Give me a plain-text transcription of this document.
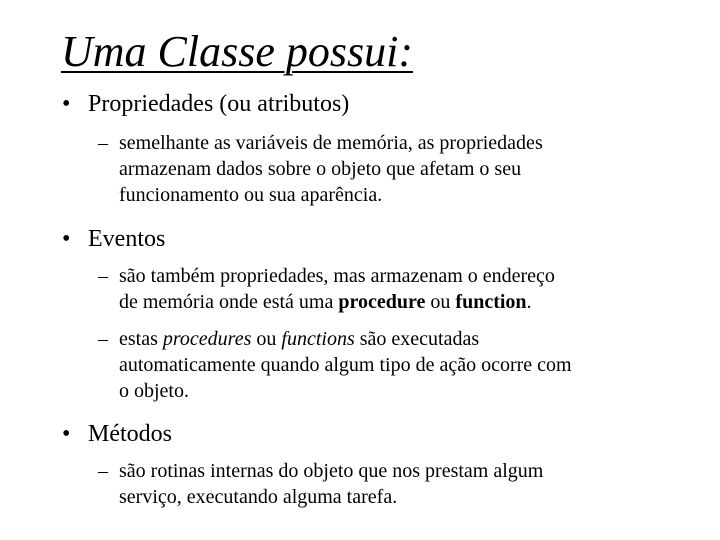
Uma Classe possui:
• Propriedades (ou atributos)
– semelhante as variáveis de memória, as propriedades
armazenam dados sobre o objeto que afetam o seu
funcionamento ou sua aparência.
• Eventos
– são também propriedades, mas armazenam o endereço
de memória onde está uma procedure ou function.
– estas procedures ou functions são executadas
automaticamente quando algum tipo de ação ocorre com
o objeto.
• Métodos
– são rotinas internas do objeto que nos prestam algum
serviço, executando alguma tarefa.
